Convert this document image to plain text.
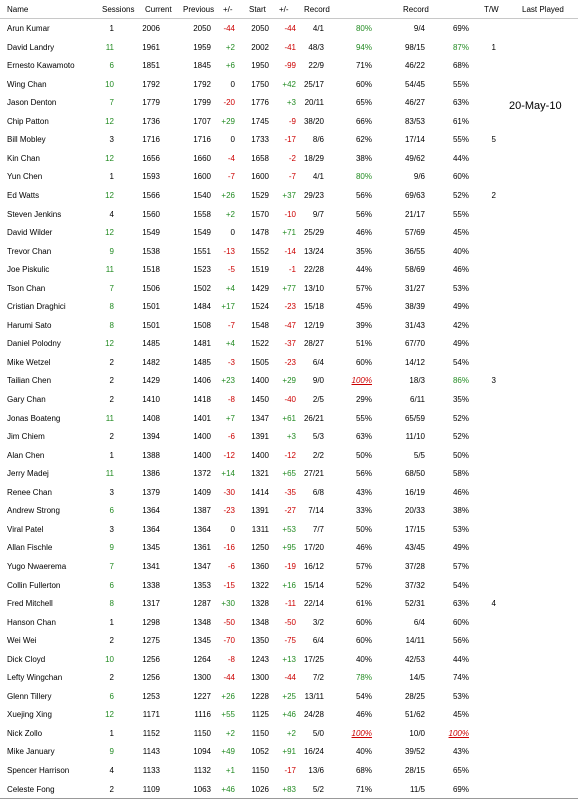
Name	Sessions Current Previous +/- Start +/- Record	Record	T/W	Last Played
Arun Kumar	1	2006	2050 -44 2050 -44 4/1	80%	9/4	69%
David Landry	11	1961	1959 +2 2002 -41 48/3	94%	98/15	87%	1
Ernesto Kawamoto	6	1851	1845 +6 1950 -99 22/9	71%	46/22	68%
Wing Chan	10	1792	1792 0 1750 +42 25/17	60%	54/45	55%
Jason Denton	7	1779	1799 -20 1776 +3 20/11	65%	46/27	63%
Chip Patton	12	1736	1707 +29 1745 -9 38/20	66%	83/53	61%
Bill Mobley	3	1716	1716 0 1733 -17 8/6	62%	17/14	55%	5
Kin Chan	12	1656	1660 -4 1658 -2 18/29	38%	49/62	44%
Yun Chen	1	1593	1600 -7 1600 -7 4/1	80%	9/6	60%
Ed Watts	12	1566	1540 +26 1529 +37 29/23	56%	69/63	52%	2
Steven Jenkins	4	1560	1558 +2 1570 -10 9/7	56%	21/17	55%
David Wilder	12	1549	1549 0 1478 +71 25/29	46%	57/69	45%
Trevor Chan	9	1538	1551 -13 1552 -14 13/24	35%	36/55	40%
Joe Piskulic	11	1518	1523 -5 1519 -1 22/28	44%	58/69	46%
Tson Chan	7	1506	1502 +4 1429 +77 13/10	57%	31/27	53%
Cristian Draghici	8	1501	1484 +17 1524 -23 15/18	45%	38/39	49%
Harumi Sato	8	1501	1508 -7 1548 -47 12/19	39%	31/43	42%
Daniel Polodny	12	1485	1481 +4 1522 -37 28/27	51%	67/70	49%
Mike Wetzel	2	1482	1485 -3 1505 -23 6/4	60%	14/12	54%
Tailian Chen	2	1429	1406 +23 1400 +29 9/0	100%	18/3	86%	3
Gary Chan	2	1410	1418 -8 1450 -40 2/5	29%	6/11	35%
Jonas Boateng	11	1408	1401 +7 1347 +61 26/21	55%	65/59	52%
Jim Chiem	2	1394	1400 -6 1391 +3 5/3	63%	11/10	52%
Alan Chen	1	1388	1400 -12 1400 -12 2/2	50%	5/5	50%
Jerry Madej	11	1386	1372 +14 1321 +65 27/21	56%	68/50	58%
Renee Chan	3	1379	1409 -30 1414 -35 6/8	43%	16/19	46%
Andrew Strong	6	1364	1387 -23 1391 -27 7/14	33%	20/33	38%
Viral Patel	3	1364	1364 0 1311 +53 7/7	50%	17/15	53%
Allan Fischle	9	1345	1361 -16 1250 +95 17/20	46%	43/45	49%
Yugo Nwaerema	7	1341	1347 -6 1360 -19 16/12	57%	37/28	57%
Collin Fullerton	6	1338	1353 -15 1322 +16 15/14	52%	37/32	54%
Fred Mitchell	8	1317	1287 +30 1328 -11 22/14	61%	52/31	63%	4
Hanson Chan	1	1298	1348 -50 1348 -50 3/2	60%	6/4	60%
Wei Wei	2	1275	1345 -70 1350 -75 6/4	60%	14/11	56%
Dick Cloyd	10	1256	1264 -8 1243 +13 17/25	40%	42/53	44%
Lefty Wingchan	2	1256	1300 -44 1300 -44 7/2	78%	14/5	74%
Glenn Tillery	6	1253	1227 +26 1228 +25 13/11	54%	28/25	53%
Xuejing Xing	12	1171	1116 +55 1125 +46 24/28	46%	51/62	45%
Nick Zollo	1	1152	1150 +2 1150 +2 5/0	100%	10/0	100%
Mike January	9	1143	1094 +49 1052 +91 16/24	40%	39/52	43%
Spencer Harrison	4	1133	1132 +1 1150 -17 13/6	68%	28/15	65%
Celeste Fong	2	1109	1063 +46 1026 +83 5/2	71%	11/5	69%
20-May-10
